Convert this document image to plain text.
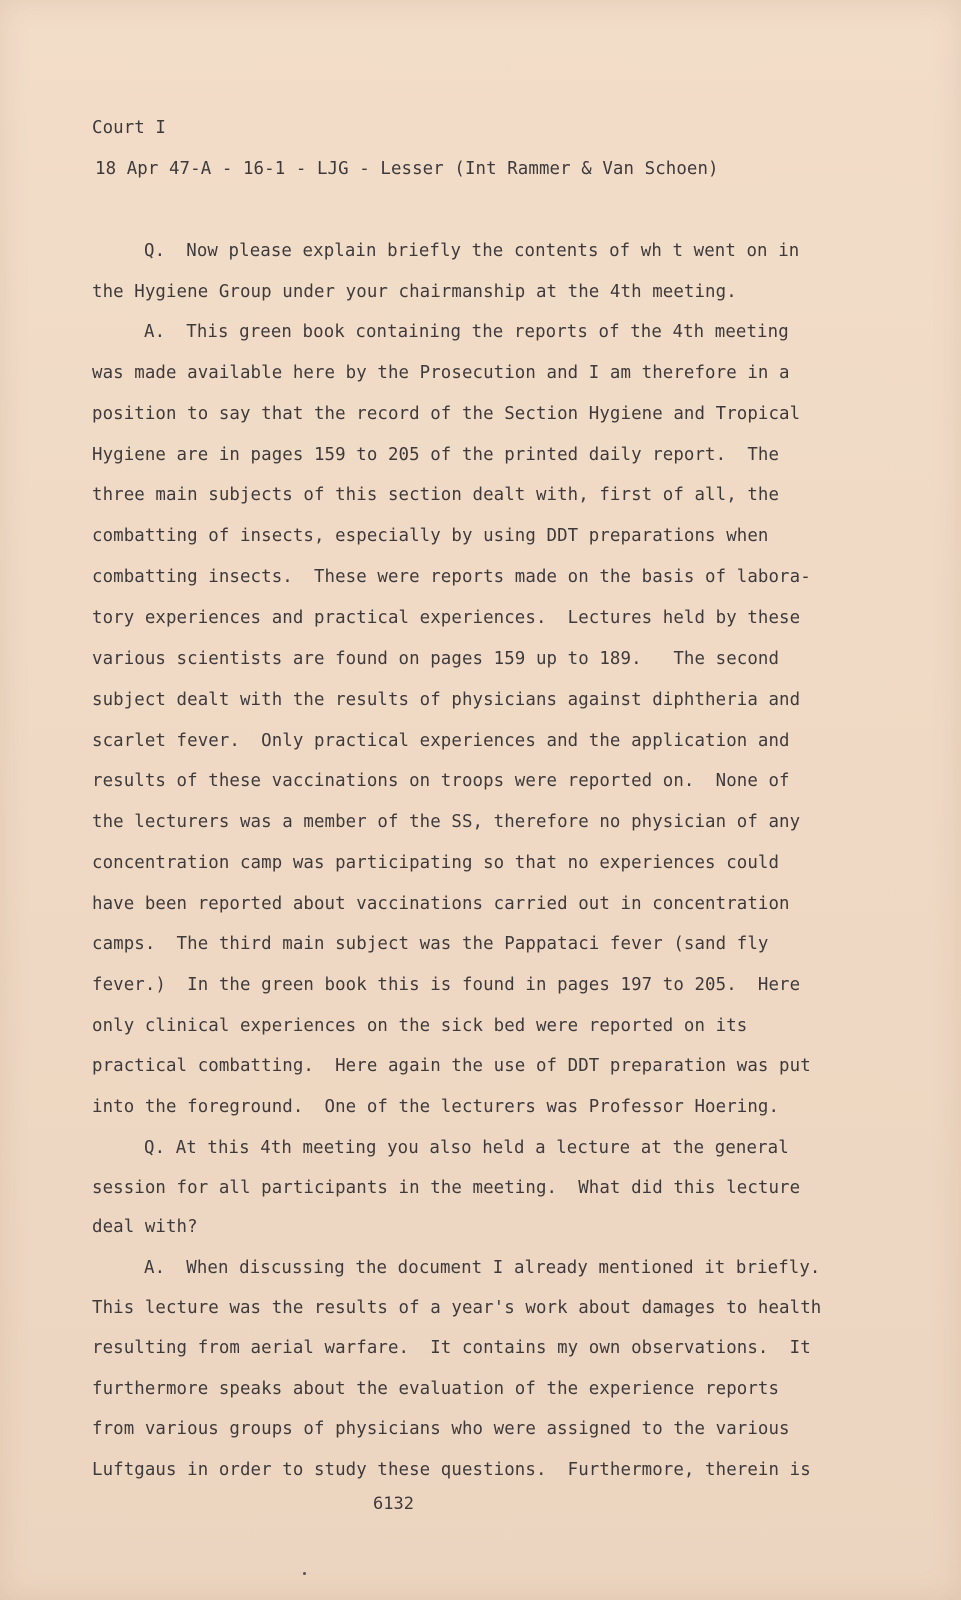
Court I
18 Apr 47-A - 16-1 - LJG - Lesser (Int Rammer & Van Schoen)
Q.  Now please explain briefly the contents of wh t went on in
the Hygiene Group under your chairmanship at the 4th meeting.
A.  This green book containing the reports of the 4th meeting
was made available here by the Prosecution and I am therefore in a
position to say that the record of the Section Hygiene and Tropical
Hygiene are in pages 159 to 205 of the printed daily report.  The
three main subjects of this section dealt with, first of all, the
combatting of insects, especially by using DDT preparations when
combatting insects.  These were reports made on the basis of labora-
tory experiences and practical experiences.  Lectures held by these
various scientists are found on pages 159 up to 189.   The second
subject dealt with the results of physicians against diphtheria and
scarlet fever.  Only practical experiences and the application and
results of these vaccinations on troops were reported on.  None of
the lecturers was a member of the SS, therefore no physician of any
concentration camp was participating so that no experiences could
have been reported about vaccinations carried out in concentration
camps.  The third main subject was the Pappataci fever (sand fly
fever.)  In the green book this is found in pages 197 to 205.  Here
only clinical experiences on the sick bed were reported on its
practical combatting.  Here again the use of DDT preparation was put
into the foreground.  One of the lecturers was Professor Hoering.
Q. At this 4th meeting you also held a lecture at the general
session for all participants in the meeting.  What did this lecture
deal with?
A.  When discussing the document I already mentioned it briefly.
This lecture was the results of a year's work about damages to health
resulting from aerial warfare.  It contains my own observations.  It
furthermore speaks about the evaluation of the experience reports
from various groups of physicians who were assigned to the various
Luftgaus in order to study these questions.  Furthermore, therein is
6132
